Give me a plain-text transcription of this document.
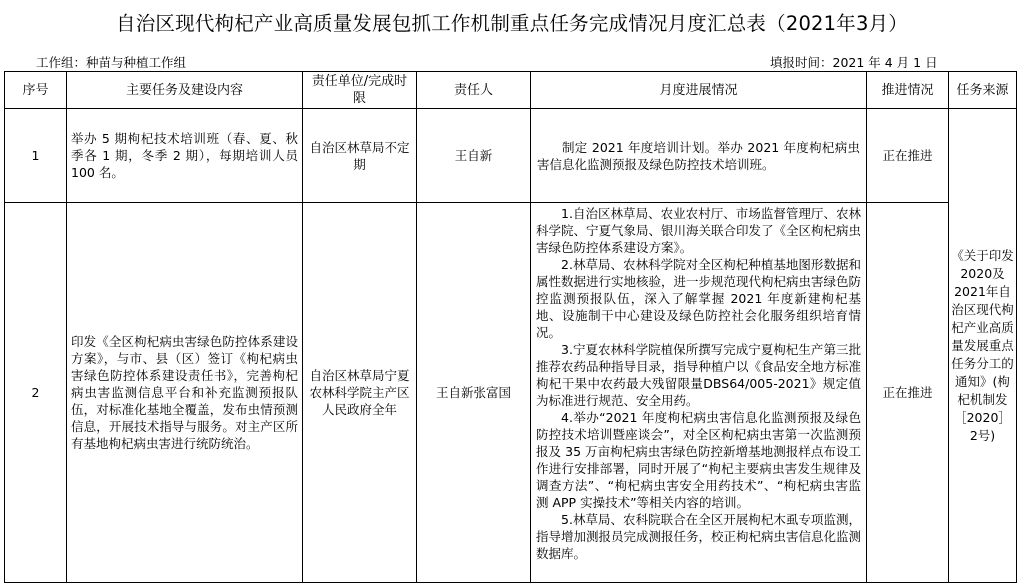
自治区现代枸杞产业高质量发展包抓工作机制重点任务完成情况月度汇总表（2021年3月）
工作组：种苗与种植工作组	填报时间：2021 年 4 月 1 日
序号	主要任务及建设内容	责任单位/完成时限	责任人	月度进展情况	推进情况	任务来源
1	举办 5 期枸杞技术培训班（春、夏、秋季各 1 期，冬季 2 期），每期培训人员 100 名。	自治区林草局不定期	王自新	制定 2021 年度培训计划。举办 2021 年度枸杞病虫害信息化监测预报及绿色防控技术培训班。	正在推进	《关于印发2020及2021年自治区现代枸杞产业高质量发展重点任务分工的通知》(枸杞机制发［2020］2号)
2	印发《全区枸杞病虫害绿色防控体系建设方案》，与市、县（区）签订《枸杞病虫害绿色防控体系建设责任书》，完善枸杞病虫害监测信息平台和补充监测预报队伍，对标准化基地全覆盖，发布虫情预测信息，开展技术指导与服务。对主产区所有基地枸杞病虫害进行统防统治。	自治区林草局宁夏农林科学院主产区人民政府全年	王自新张富国	1.自治区林草局、农业农村厅、市场监督管理厅、农林科学院、宁夏气象局、银川海关联合印发了《全区枸杞病虫害绿色防控体系建设方案》。

2.林草局、农林科学院对全区枸杞种植基地图形数据和属性数据进行实地核验，进一步规范现代枸杞病虫害绿色防控监测预报队伍，深入了解掌握 2021 年度新建枸杞基地、设施制干中心建设及绿色防控社会化服务组织培育情况。

3.宁夏农林科学院植保所撰写完成宁夏枸杞生产第三批推荐农药品种指导目录，指导种植户以《食品安全地方标准 枸杞干果中农药最大残留限量DBS64/005-2021》规定值为标准进行规范、安全用药。

4.举办“2021 年度枸杞病虫害信息化监测预报及绿色防控技术培训暨座谈会”，对全区枸杞病虫害第一次监测预报及 35 万亩枸杞病虫害绿色防控新增基地测报样点布设工作进行安排部署，同时开展了“枸杞主要病虫害发生规律及调查方法”、“枸杞病虫害安全用药技术”、“枸杞病虫害监测 APP 实操技术”等相关内容的培训。

5.林草局、农科院联合在全区开展枸杞木虱专项监测，指导增加测报员完成测报任务，校正枸杞病虫害信息化监测数据库。	正在推进	
